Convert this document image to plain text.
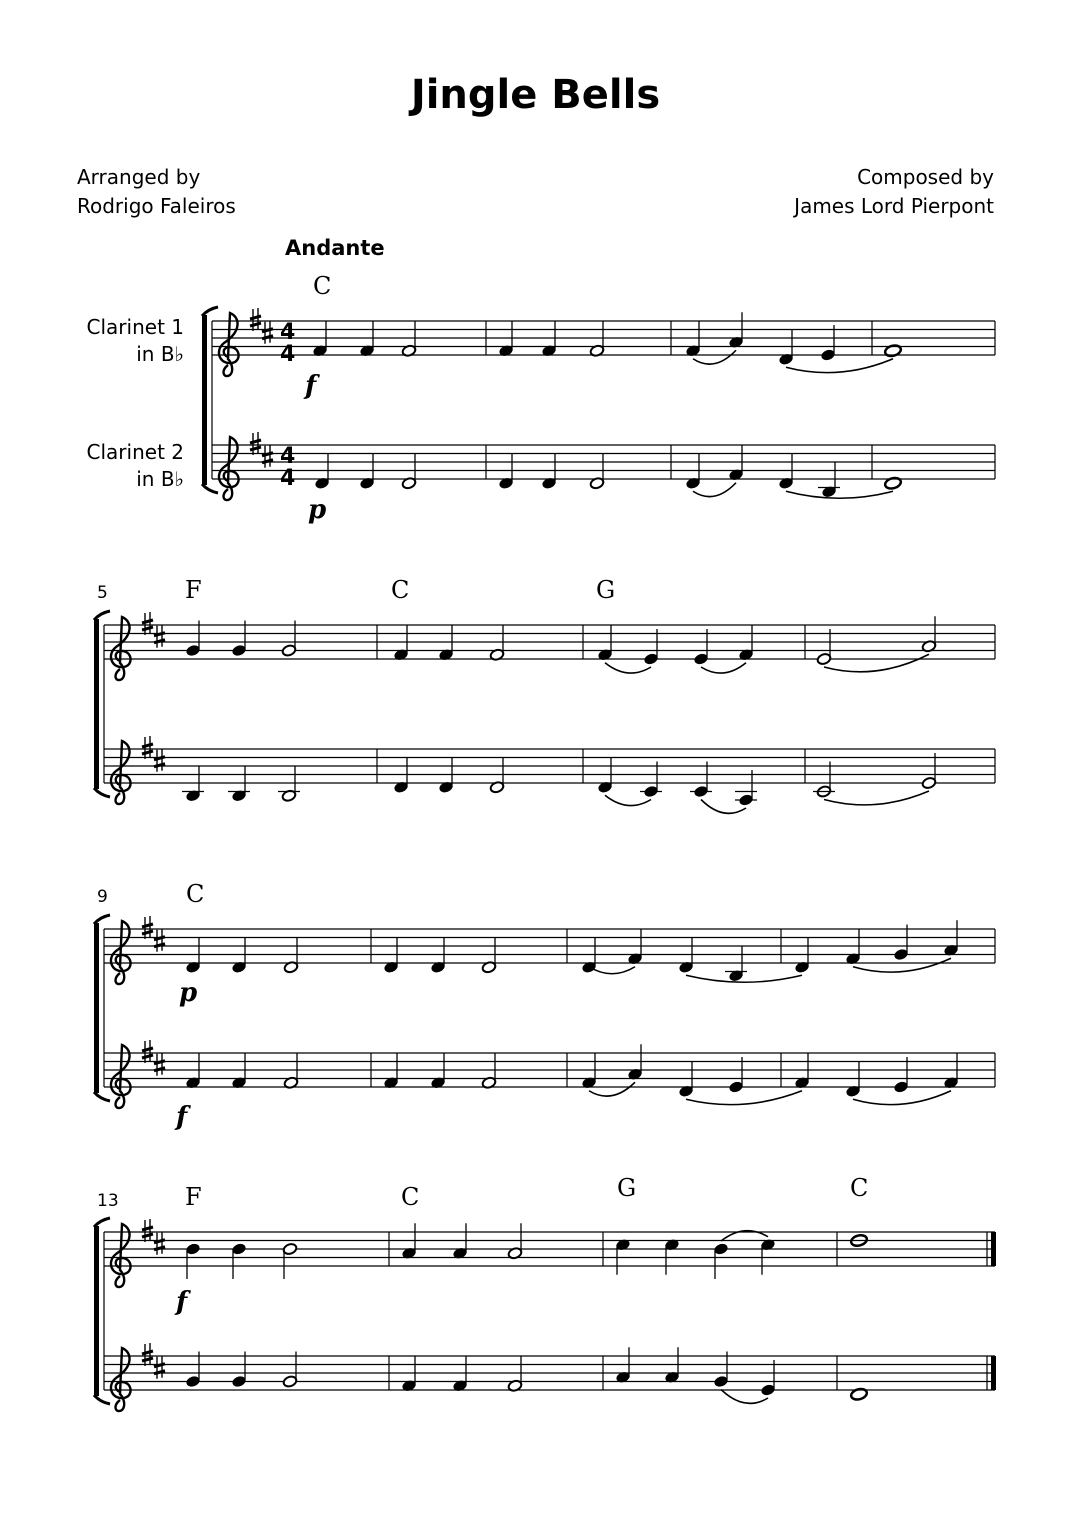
Jingle Bells
Arranged by
Rodrigo Faleiros
Composed by
James Lord Pierpont
Andante
Clarinet 1
in B♭
Clarinet 2
in B♭
C
F	C	G
C
F	C	G	C
5
9
13
4
4
4
4
f
p
p
f
f
